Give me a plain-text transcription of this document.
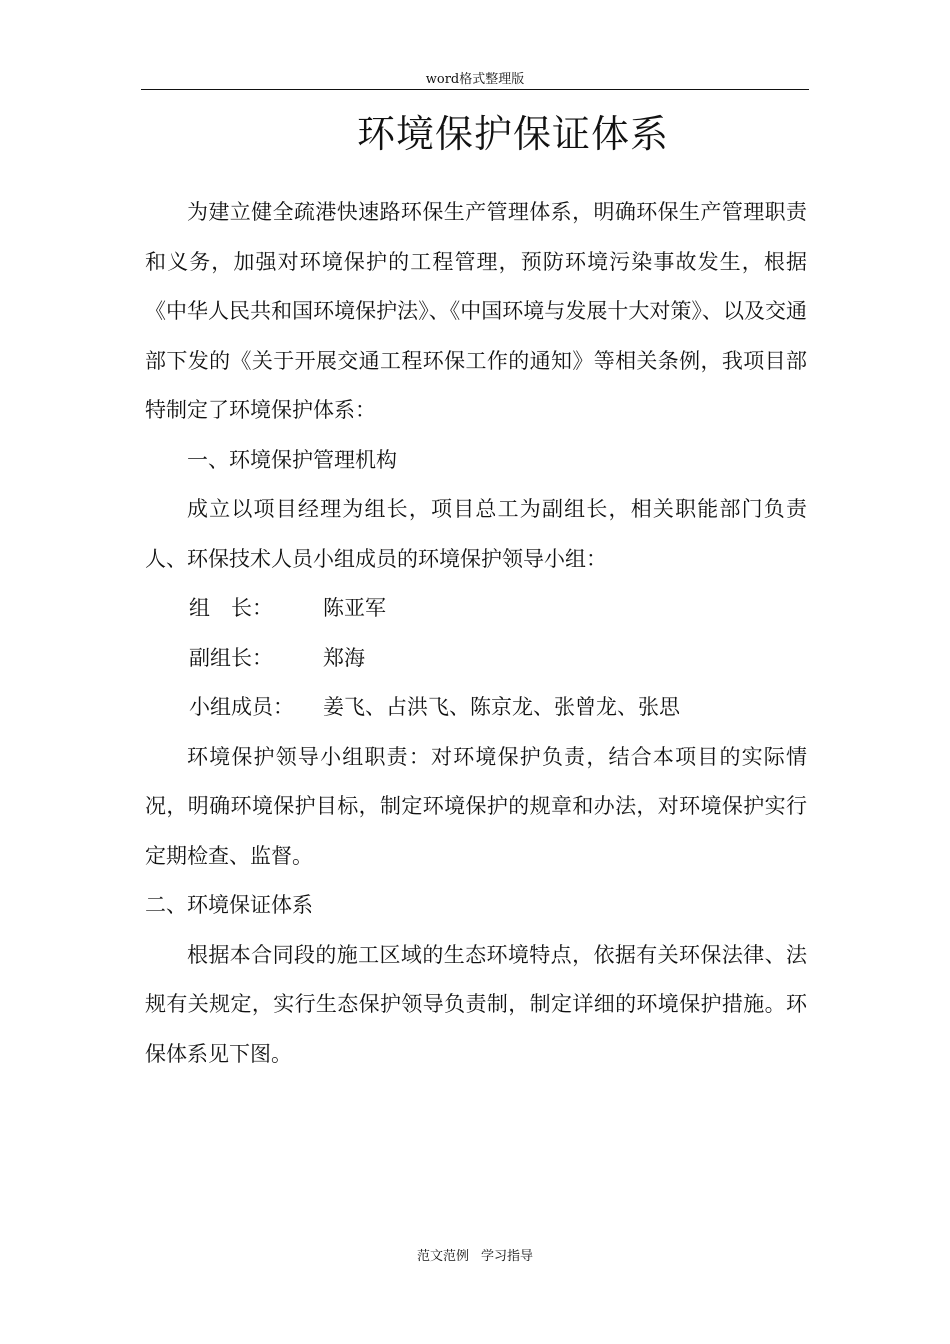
word格式整理版
环境保护保证体系

为建立健全疏港快速路环保生产管理体系，明确环保生产管理职责和义务，加强对环境保护的工程管理，预防环境污染事故发生，根据《中华人民共和国环境保护法》、《中国环境与发展十大对策》、以及交通部下发的《关于开展交通工程环保工作的通知》等相关条例，我项目部特制定了环境保护体系：

一、环境保护管理机构

成立以项目经理为组长，项目总工为副组长，相关职能部门负责人、环保技术人员小组成员的环境保护领导小组：

组　长： 陈亚军
副组长： 郑海
小组成员： 姜飞、占洪飞、陈京龙、张曾龙、张思

环境保护领导小组职责：对环境保护负责，结合本项目的实际情况，明确环境保护目标，制定环境保护的规章和办法，对环境保护实行定期检查、监督。

二、环境保证体系

根据本合同段的施工区域的生态环境特点，依据有关环保法律、法规有关规定，实行生态保护领导负责制，制定详细的环境保护措施。环保体系见下图。

范文范例 学习指导
